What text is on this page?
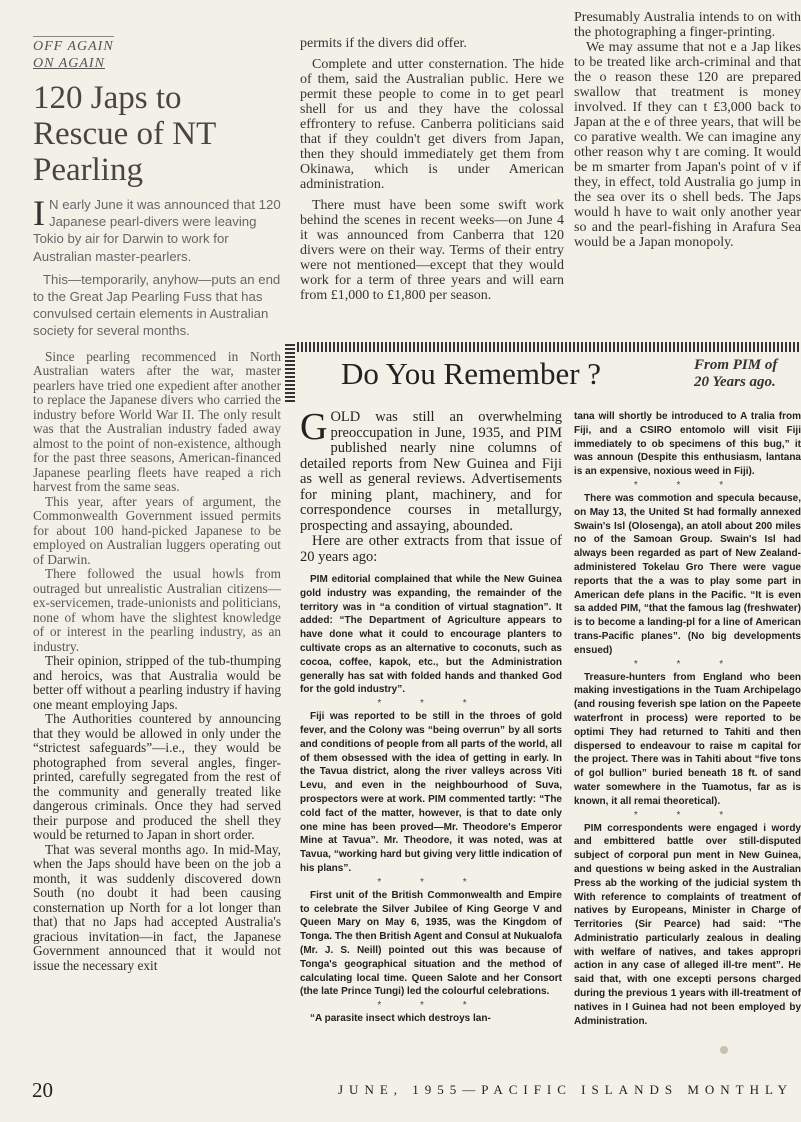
OFF AGAIN

ON AGAIN

120 Japs to Rescue of NT Pearling

I N early June it was announced that 120 Japanese pearl-divers were leaving Tokio by air for Darwin to work for Australian master-pearlers.

This—temporarily, anyhow—puts an end to the Great Jap Pearling Fuss that has convulsed certain elements in Australian society for several months.

Since pearling recommenced in North Australian waters after the war, master pearlers have tried one expedient after another to replace the Japanese divers who carried the industry before World War II. The only result was that the Australian industry faded away almost to the point of non-existence, although for the past three seasons, American-financed Japanese pearling fleets have reaped a rich harvest from the same seas.

This year, after years of argument, the Commonwealth Government issued permits for about 100 hand-picked Japanese to be employed on Australian luggers operating out of Darwin.

There followed the usual howls from outraged but unrealistic Australian citizens—ex-servicemen, trade-unionists and politicians, none of whom have the slightest knowledge of or interest in the pearling industry, as an industry.

Their opinion, stripped of the tub-thumping and heroics, was that Australia would be better off without a pearling industry if having one meant employing Japs.

The Authorities countered by announcing that they would be allowed in only under the “strictest safeguards”—i.e., they would be photographed from several angles, finger-printed, carefully segregated from the rest of the community and generally treated like dangerous criminals. Once they had served their purpose and produced the shell they would be returned to Japan in short order.

That was several months ago. In mid-May, when the Japs should have been on the job a month, it was suddenly discovered down South (no doubt it had been causing consternation up North for a lot longer than that) that no Japs had accepted Australia's gracious invitation—in fact, the Japanese Government announced that it would not issue the necessary exit

permits if the divers did offer.

Complete and utter consternation. The hide of them, said the Australian public. Here we permit these people to come in to get pearl shell for us and they have the colossal effrontery to refuse. Canberra politicians said that if they couldn't get divers from Japan, then they should immediately get them from Okinawa, which is under American administration.

There must have been some swift work behind the scenes in recent weeks—on June 4 it was announced from Canberra that 120 divers were on their way. Terms of their entry were not mentioned—except that they would work for a term of three years and will earn from £1,000 to £1,800 per season.

Presumably Australia intends to on with the photographing a finger-printing.

We may assume that not e a Jap likes to be treated like arch-criminal and that the o reason these 120 are prepared swallow that treatment is money involved. If they can t £3,000 back to Japan at the e of three years, that will be co parative wealth. We can imagine any other reason why t are coming. It would be m smarter from Japan's point of v if they, in effect, told Australia go jump in the sea over its o shell beds. The Japs would h have to wait only another year so and the pearl-fishing in Arafura Sea would be a Japan monopoly.

Do You Remember ?	From PIM of
20 Years ago.

GOLD was still an overwhelming preoccupation in June, 1935, and PIM published nearly nine columns of detailed reports from New Guinea and Fiji as well as general reviews. Advertisements for mining plant, machinery, and for correspondence courses in metallurgy, prospecting and assaying, abounded.

Here are other extracts from that issue of 20 years ago:

PIM editorial complained that while the New Guinea gold industry was expanding, the remainder of the territory was in “a condition of virtual stagnation”. It added: “The Department of Agriculture appears to have done what it could to encourage planters to cultivate crops as an alternative to coconuts, such as cocoa, coffee, kapok, etc., but the Administration generally has sat with folded hands and thanked God for the gold industry”.

* * *

Fiji was reported to be still in the throes of gold fever, and the Colony was “being overrun” by all sorts and conditions of people from all parts of the world, all of them obsessed with the idea of getting in early. In the Tavua district, along the river valleys across Viti Levu, and even in the neighbourhood of Suva, prospectors were at work. PIM commented tartly: “The cold fact of the matter, however, is that to date only one mine has been proved—Mr. Theodore's Emperor Mine at Tavua”. Mr. Theodore, it was noted, was at Tavua, “working hard but giving very little indication of his plans”.

* * *

First unit of the British Commonwealth and Empire to celebrate the Silver Jubilee of King George V and Queen Mary on May 6, 1935, was the Kingdom of Tonga. The then British Agent and Consul at Nukualofa (Mr. J. S. Neill) pointed out this was because of Tonga's geographical situation and the method of calculating local time. Queen Salote and her Consort (the late Prince Tungi) led the colourful celebrations.

* * *

“A parasite insect which destroys lan-

tana will shortly be introduced to A tralia from Fiji, and a CSIRO entomolo will visit Fiji immediately to ob specimens of this bug,” it was announ (Despite this enthusiasm, lantana is an expensive, noxious weed in Fiji).

* * *

There was commotion and specula because, on May 13, the United St had formally annexed Swain's Isl (Olosenga), an atoll about 200 miles no of the Samoan Group. Swain's Isl had always been regarded as part of New Zealand-administered Tokelau Gro There were vague reports that the a was to play some part in American defe plans in the Pacific. “It is even sa added PIM, “that the famous lag (freshwater) is to become a landing-pl for a line of American trans-Pacific planes”. (No big developments ensued)

* * *

Treasure-hunters from England who been making investigations in the Tuam Archipelago (and rousing feverish spe lation on the Papeete waterfront in process) were reported to be optimi They had returned to Tahiti and then dispersed to endeavour to raise m capital for the project. There was in Tahiti about “five tons of gol bullion” buried beneath 18 ft. of sand water somewhere in the Tuamotus, far as is known, it all remai theoretical).

* * *

PIM correspondents were engaged i wordy and embittered battle over still-disputed subject of corporal pun ment in New Guinea, and questions w being asked in the Australian Press ab the working of the judicial system th With reference to complaints of treatment of natives by Europeans, Minister in Charge of Territories (Sir Pearce) had said: “The Administratio particularly zealous in dealing with welfare of natives, and takes appropri action in any case of alleged ill-tre ment”. He said that, with one excepti persons charged during the previous 1 years with ill-treatment of natives in I Guinea had not been employed by Administration.

20	JUNE, 1955—PACIFIC ISLANDS MONTHLY
